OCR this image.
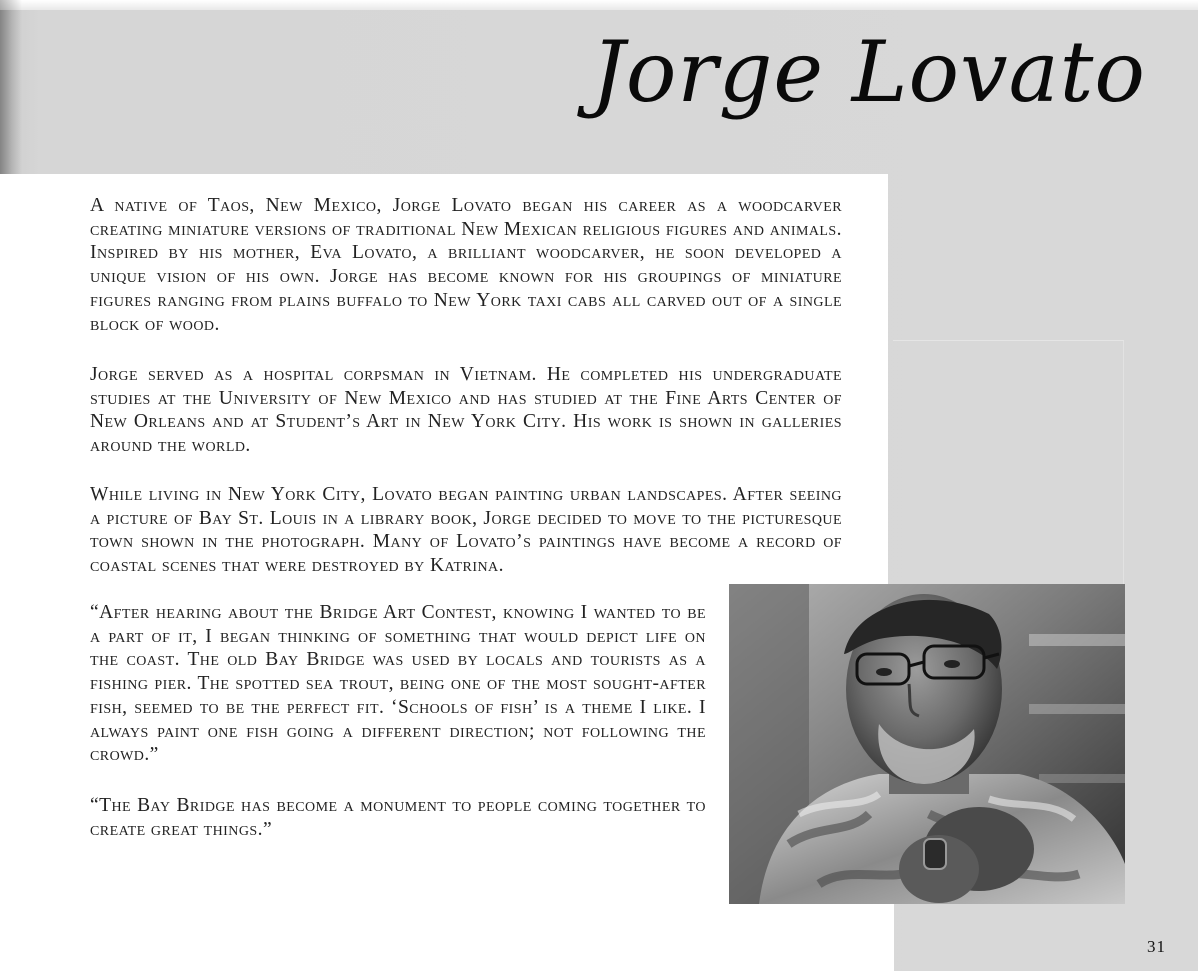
Jorge Lovato

A native of Taos, New Mexico, Jorge Lovato began his career as a woodcarver creating miniature versions of traditional New Mexican religious figures and animals. Inspired by his mother, Eva Lovato, a brilliant woodcarver, he soon developed a unique vision of his own. Jorge has become known for his groupings of miniature figures ranging from plains buffalo to New York taxi cabs all carved out of a single block of wood.

Jorge served as a hospital corpsman in Vietnam. He completed his undergraduate studies at the University of New Mexico and has studied at the Fine Arts Center of New Orleans and at Student’s Art in New York City. His work is shown in galleries around the world.

While living in New York City, Lovato began painting urban landscapes. After seeing a picture of Bay St. Louis in a library book, Jorge decided to move to the picturesque town shown in the photograph. Many of Lovato’s paintings have become a record of coastal scenes that were destroyed by Katrina.

“After hearing about the Bridge Art Contest, knowing I wanted to be a part of it, I began thinking of something that would depict life on the coast. The old Bay Bridge was used by locals and tourists as a fishing pier. The spotted sea trout, being one of the most sought-after fish, seemed to be the perfect fit. ‘Schools of fish’ is a theme I like. I always paint one fish going a different direction; not following the crowd.”

“The Bay Bridge has become a monument to people coming together to create great things.”

31
